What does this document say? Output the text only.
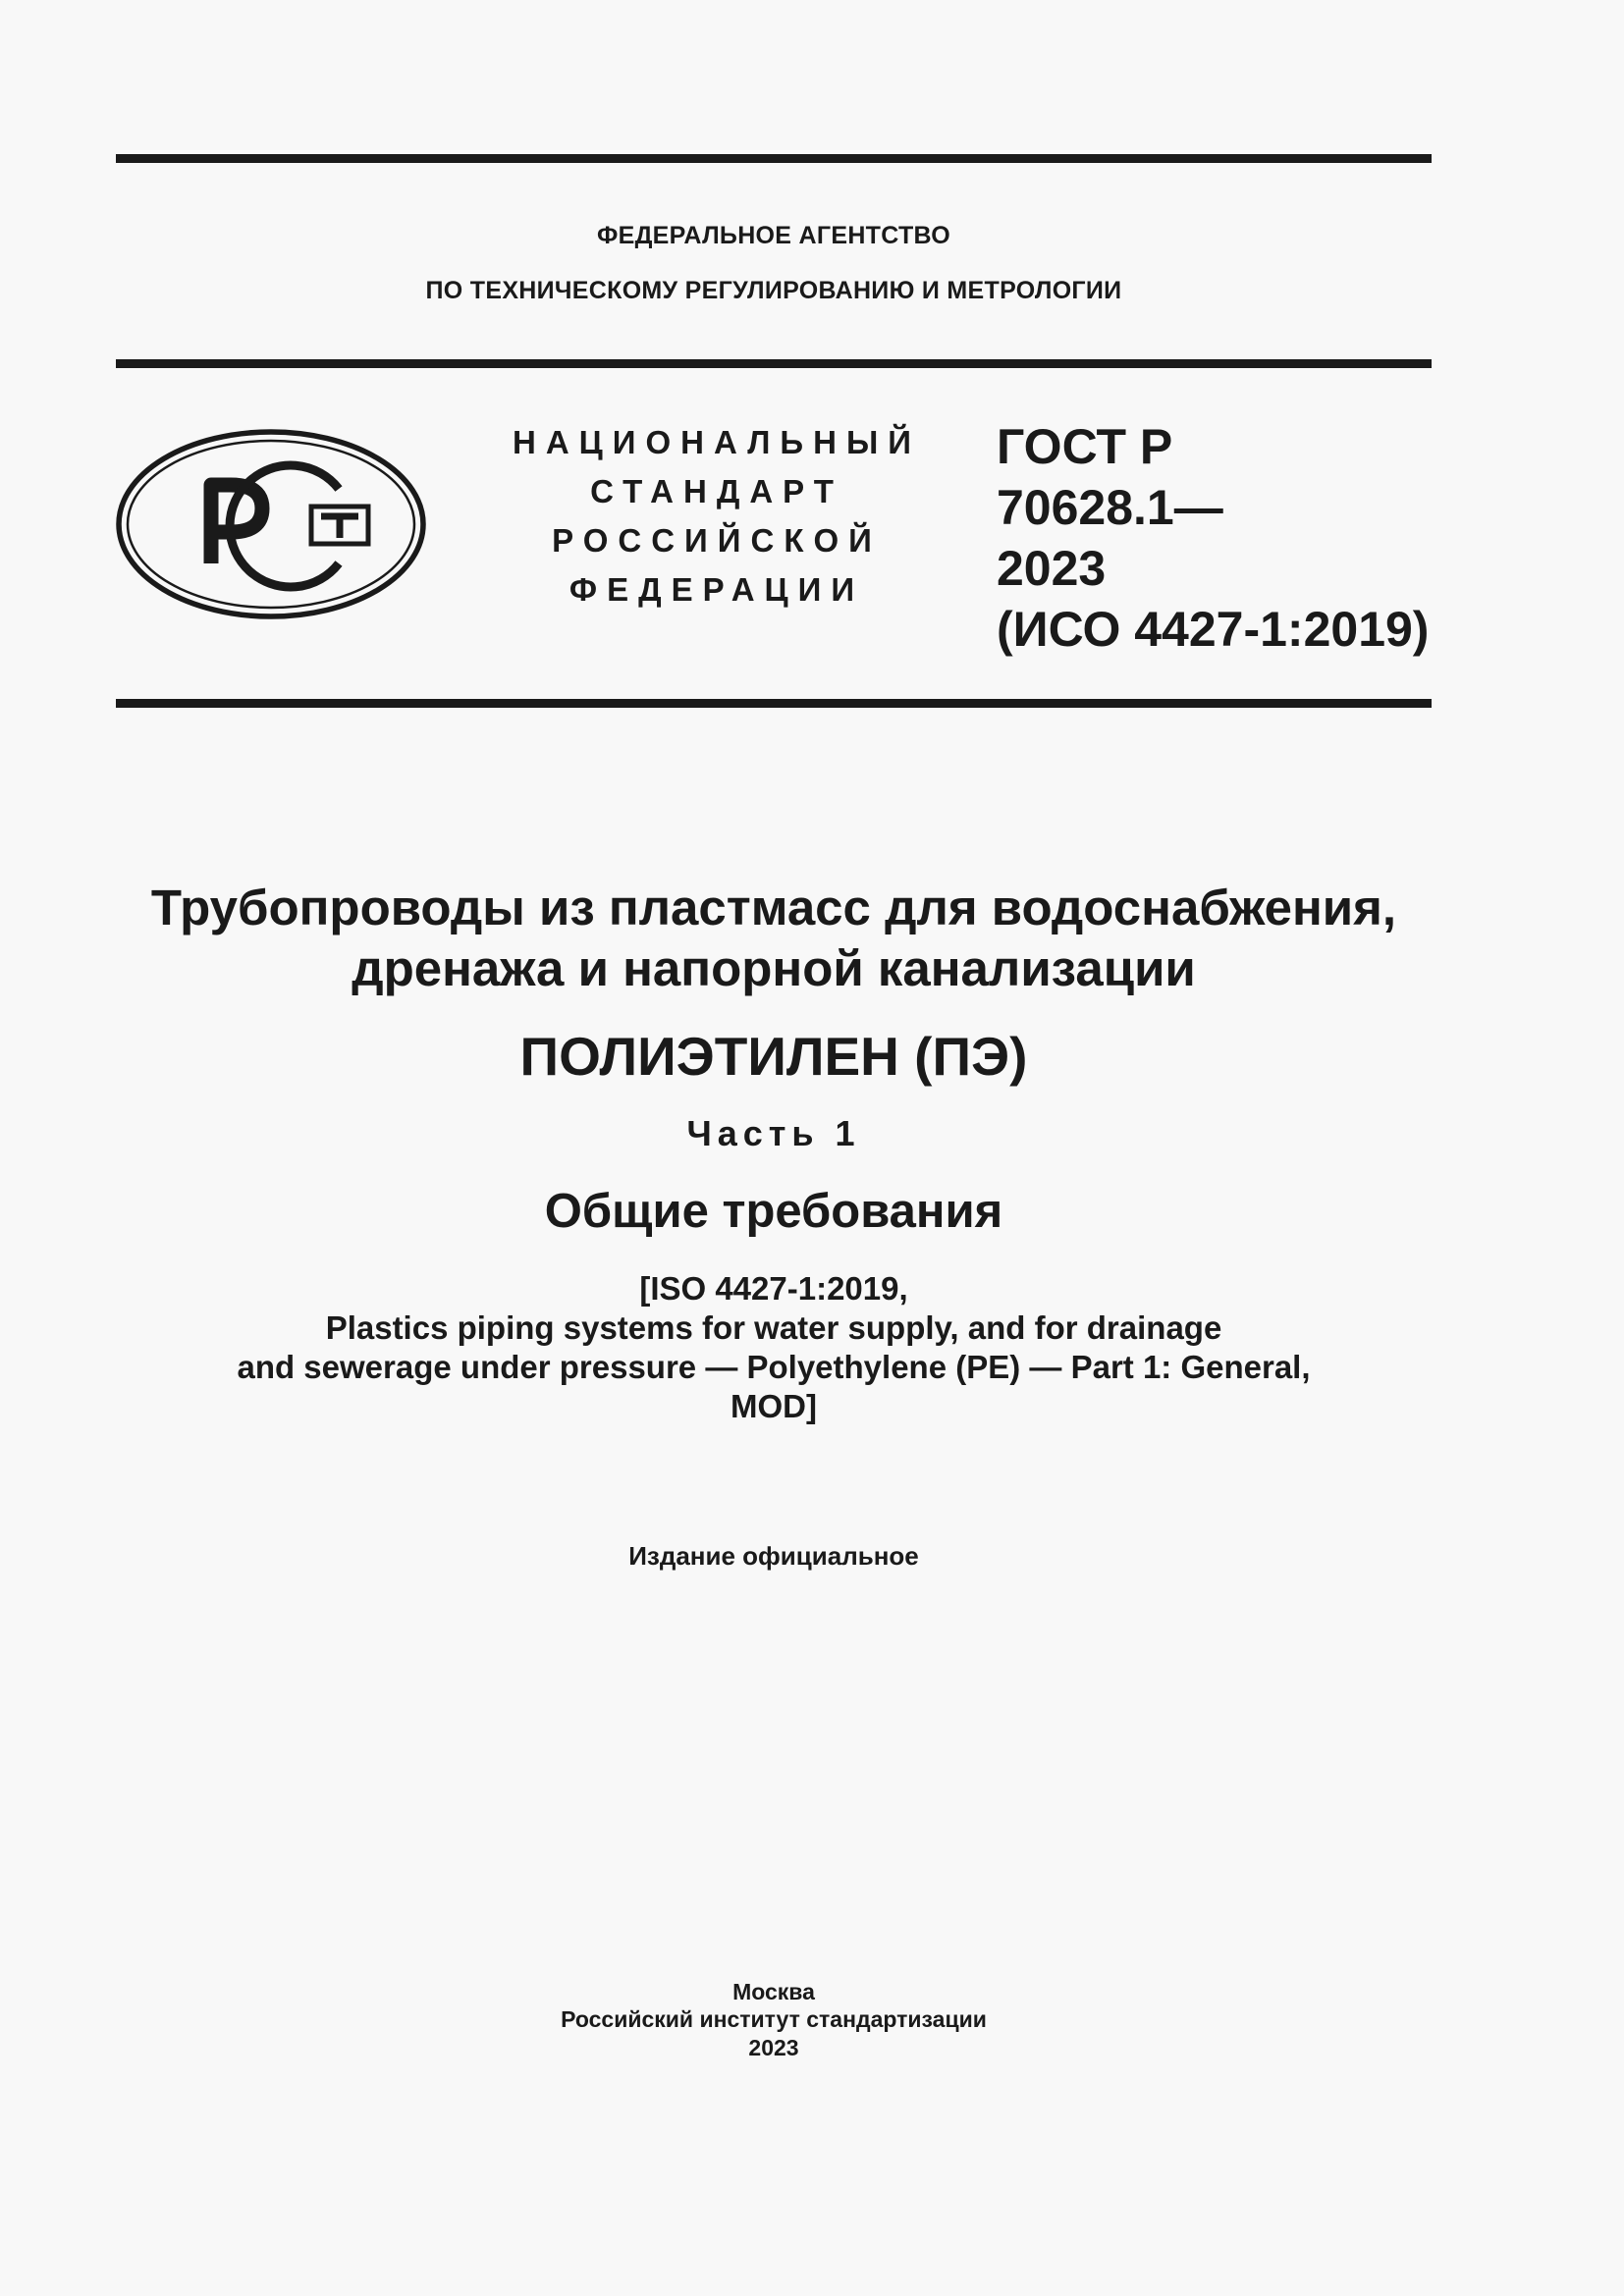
ФЕДЕРАЛЬНОЕ АГЕНТСТВО
ПО ТЕХНИЧЕСКОМУ РЕГУЛИРОВАНИЮ И МЕТРОЛОГИИ
НАЦИОНАЛЬНЫЙ
СТАНДАРТ
РОССИЙСКОЙ
ФЕДЕРАЦИИ
ГОСТ Р
70628.1—
2023
(ИСО 4427-1:2019)
Трубопроводы из пластмасс для водоснабжения,
дренажа и напорной канализации
ПОЛИЭТИЛЕН (ПЭ)
Часть 1
Общие требования
[ISO 4427-1:2019,
Plastics piping systems for water supply, and for drainage
and sewerage under pressure — Polyethylene (PE) — Part 1: General,
MOD]
Издание официальное
Москва
Российский институт стандартизации
2023
